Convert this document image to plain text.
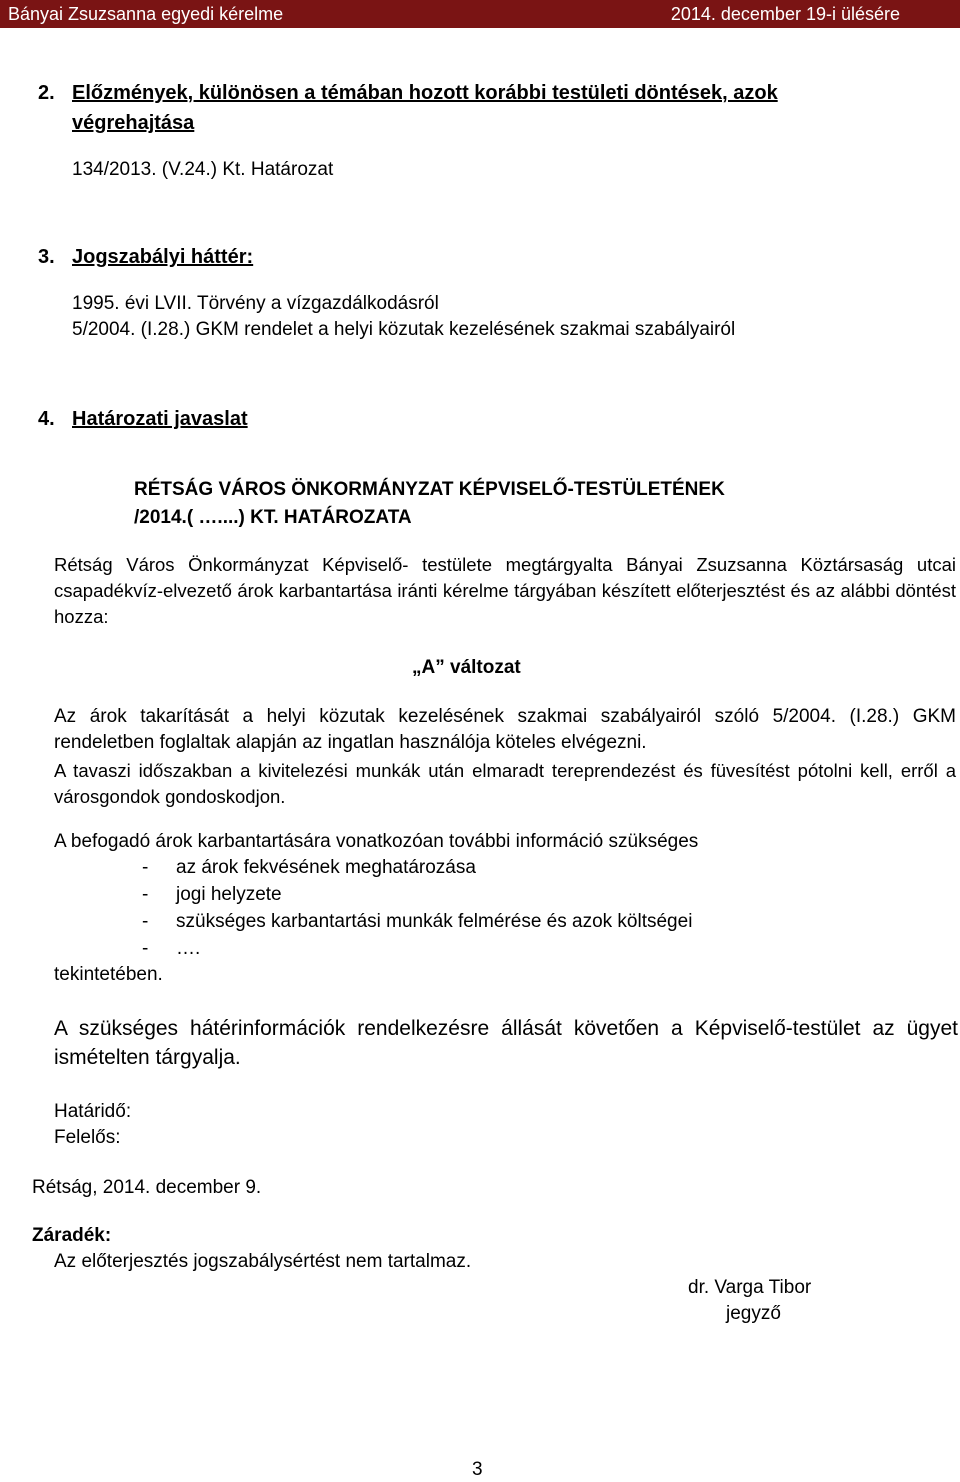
Bányai Zsuzsanna egyedi kérelme	2014. december 19-i ülésére
2. Előzmények, különösen a témában hozott korábbi testületi döntések, azok
végrehajtása
134/2013. (V.24.) Kt. Határozat
3. Jogszabályi háttér:
1995. évi LVII. Törvény a vízgazdálkodásról
5/2004. (I.28.) GKM rendelet a helyi közutak kezelésének szakmai szabályairól
4. Határozati javaslat
RÉTSÁG VÁROS ÖNKORMÁNYZAT KÉPVISELŐ-TESTÜLETÉNEK
/2014.( …....) KT. HATÁROZATA
Rétság Város Önkormányzat Képviselő- testülete megtárgyalta Bányai Zsuzsanna Köztársaság utcai csapadékvíz-elvezető árok karbantartása iránti kérelme tárgyában készített előterjesztést és az alábbi döntést hozza:
„A” változat
Az árok takarítását a helyi közutak kezelésének szakmai szabályairól szóló 5/2004. (I.28.) GKM rendeletben foglaltak alapján az ingatlan használója köteles elvégezni.
A tavaszi időszakban a kivitelezési munkák után elmaradt tereprendezést és füvesítést pótolni kell, erről a városgondok gondoskodjon.
A befogadó árok karbantartására vonatkozóan további információ szükséges
- az árok fekvésének meghatározása
- jogi helyzete
- szükséges karbantartási munkák felmérése és azok költségei
- ….
tekintetében.
A szükséges hátérinformációk rendelkezésre állását követően a Képviselő-testület az ügyet ismételten tárgyalja.
Határidő:
Felelős:
Rétság, 2014. december 9.
Záradék:
Az előterjesztés jogszabálysértést nem tartalmaz.
dr. Varga Tibor
jegyző
3
